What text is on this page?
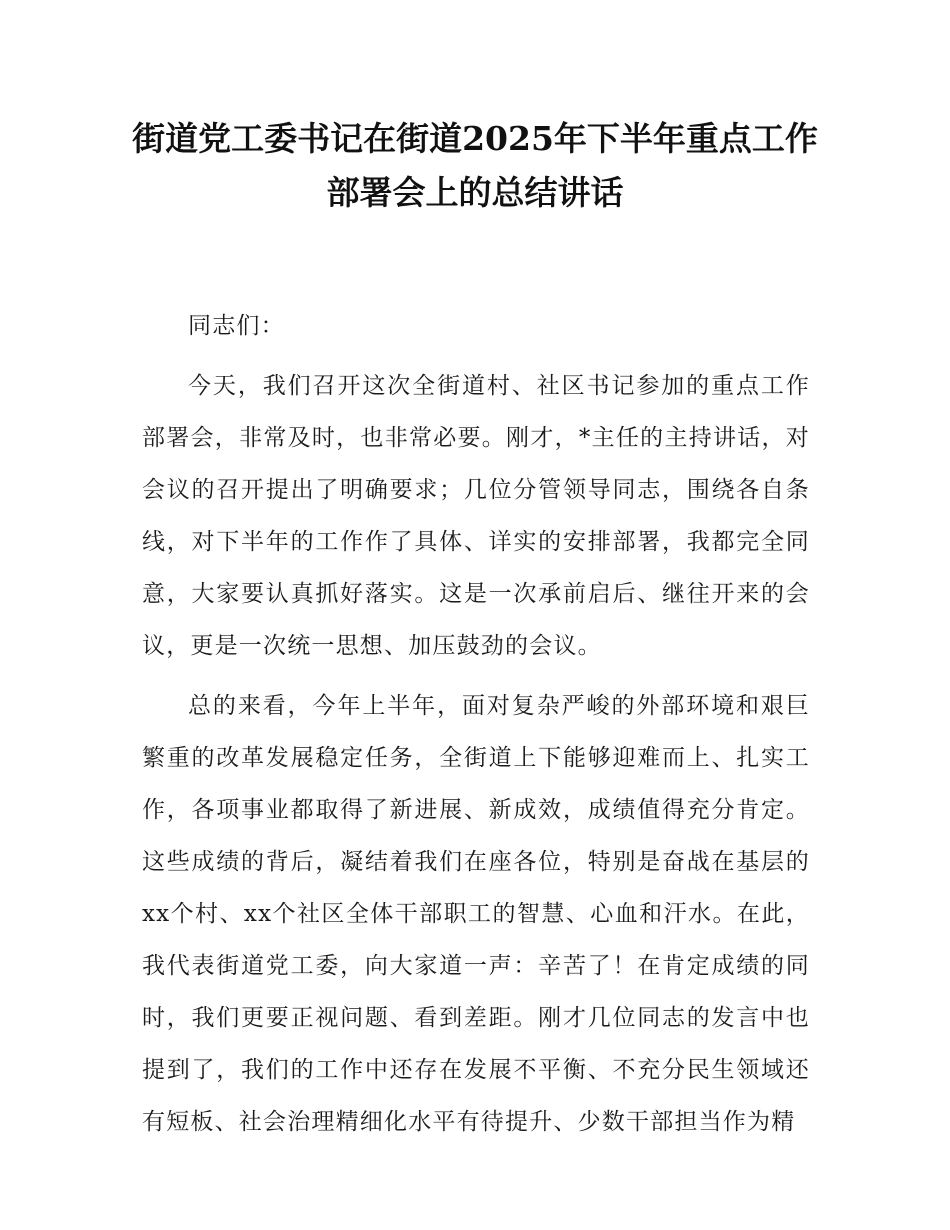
街道党工委书记在街道2025年下半年重点工作部署会上的总结讲话

同志们：

今天，我们召开这次全街道村、社区书记参加的重点工作部署会，非常及时，也非常必要。刚才，*主任的主持讲话，对会议的召开提出了明确要求；几位分管领导同志，围绕各自条线，对下半年的工作作了具体、详实的安排部署，我都完全同意，大家要认真抓好落实。这是一次承前启后、继往开来的会议，更是一次统一思想、加压鼓劲的会议。

总的来看，今年上半年，面对复杂严峻的外部环境和艰巨繁重的改革发展稳定任务，全街道上下能够迎难而上、扎实工作，各项事业都取得了新进展、新成效，成绩值得充分肯定。这些成绩的背后，凝结着我们在座各位，特别是奋战在基层的xx个村、xx个社区全体干部职工的智慧、心血和汗水。在此，我代表街道党工委，向大家道一声：辛苦了！在肯定成绩的同时，我们更要正视问题、看到差距。刚才几位同志的发言中也提到了，我们的工作中还存在发展不平衡、不充分民生领域还有短板、社会治理精细化水平有待提升、少数干部担当作为精
